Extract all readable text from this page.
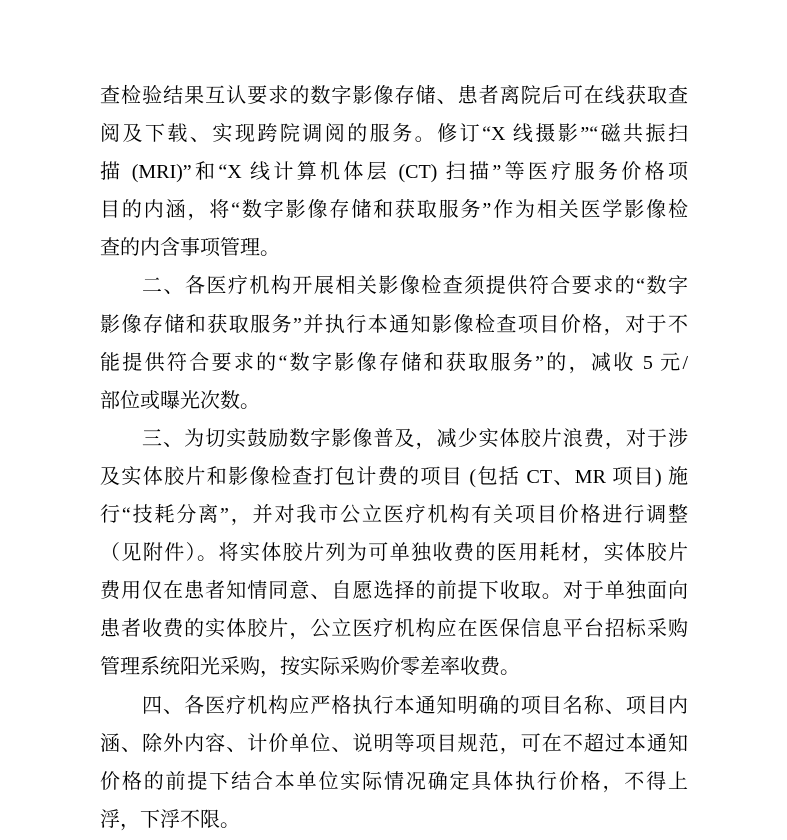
查检验结果互认要求的数字影像存储、患者离院后可在线获取查
阅及下载、实现跨院调阅的服务。修订“X 线摄影”“磁共振扫
描 (MRI)”和“X 线计算机体层 (CT) 扫描”等医疗服务价格项
目的内涵，将“数字影像存储和获取服务”作为相关医学影像检
查的内含事项管理。
二、各医疗机构开展相关影像检查须提供符合要求的“数字
影像存储和获取服务”并执行本通知影像检查项目价格，对于不
能提供符合要求的“数字影像存储和获取服务”的，减收 5 元/
部位或曝光次数。
三、为切实鼓励数字影像普及，减少实体胶片浪费，对于涉
及实体胶片和影像检查打包计费的项目 (包括 CT、MR 项目) 施
行“技耗分离”，并对我市公立医疗机构有关项目价格进行调整
（见附件）。将实体胶片列为可单独收费的医用耗材，实体胶片
费用仅在患者知情同意、自愿选择的前提下收取。对于单独面向
患者收费的实体胶片，公立医疗机构应在医保信息平台招标采购
管理系统阳光采购，按实际采购价零差率收费。
四、各医疗机构应严格执行本通知明确的项目名称、项目内
涵、除外内容、计价单位、说明等项目规范，可在不超过本通知
价格的前提下结合本单位实际情况确定具体执行价格，不得上
浮，下浮不限。
